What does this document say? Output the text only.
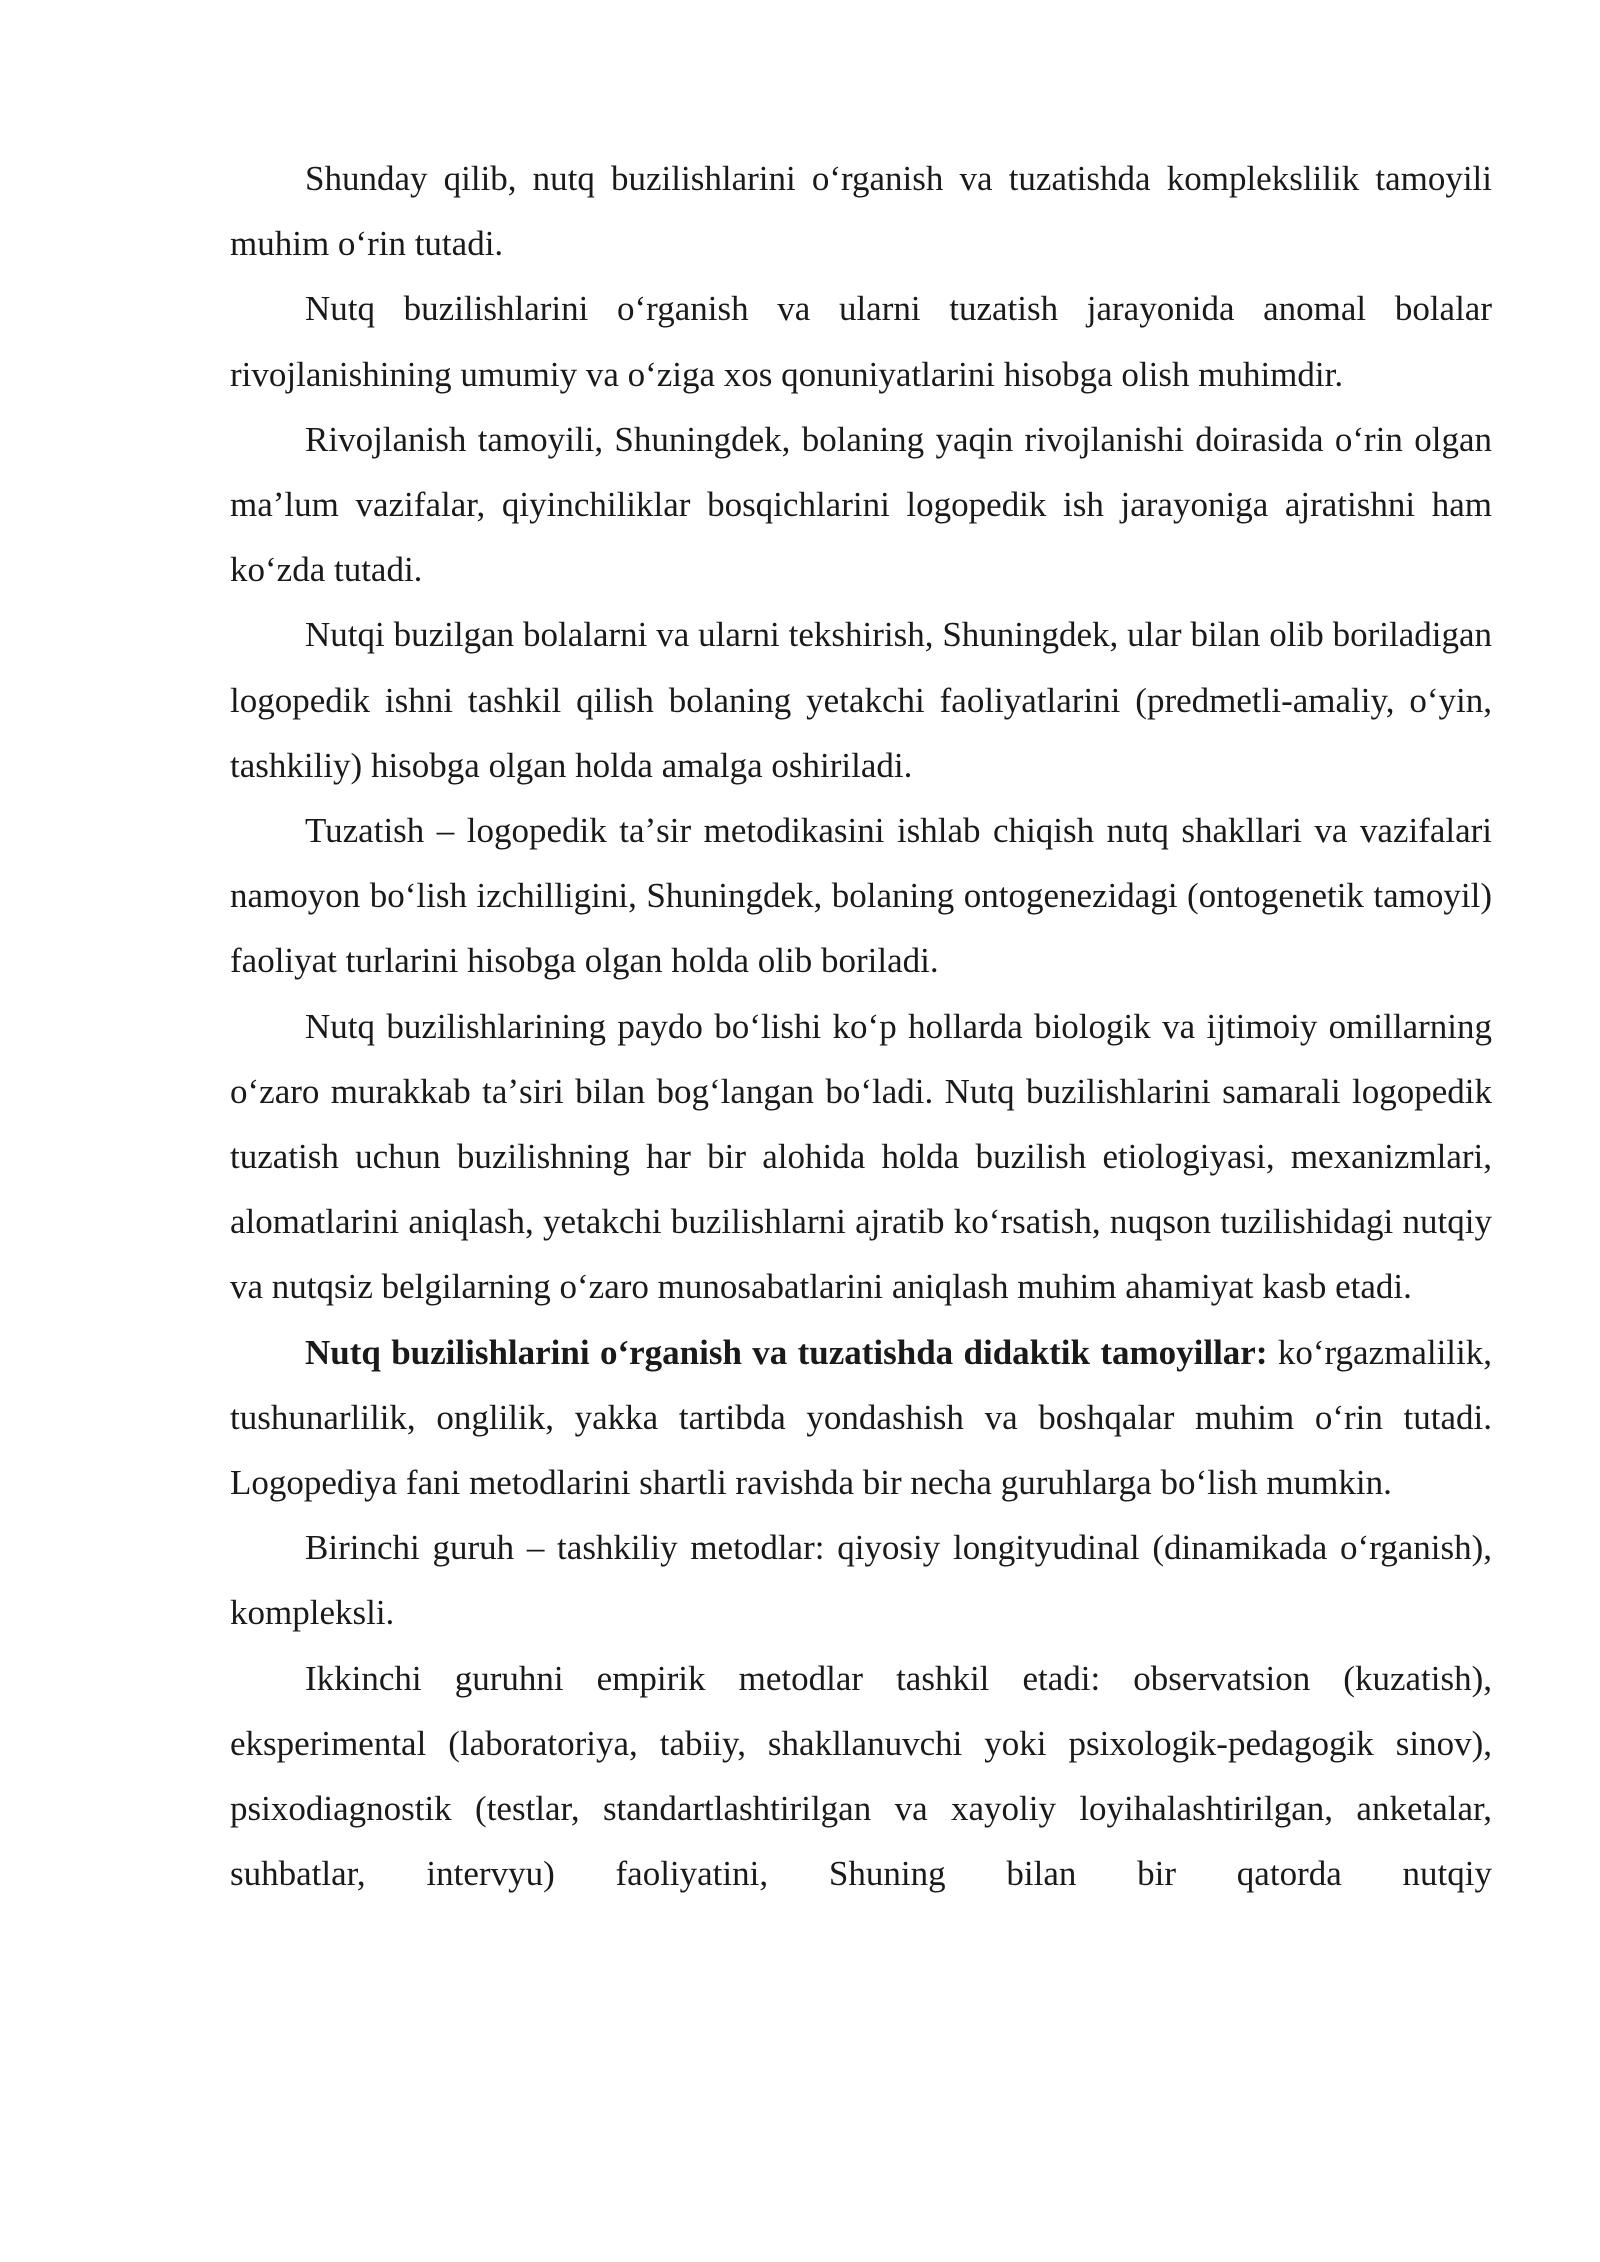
Shunday qilib, nutq buzilishlarini oʻrganish va tuzatishda komplekslilik tamoyili muhim oʻrin tutadi.

Nutq buzilishlarini oʻrganish va ularni tuzatish jarayonida anomal bolalar rivojlanishining umumiy va oʻziga xos qonuniyatlarini hisobga olish muhimdir.

Rivojlanish tamoyili, Shuningdek, bolaning yaqin rivojlanishi doirasida oʻrin olgan maʼlum vazifalar, qiyinchiliklar bosqichlarini logopedik ish jarayoniga ajratishni ham koʻzda tutadi.

Nutqi buzilgan bolalarni va ularni tekshirish, Shuningdek, ular bilan olib boriladigan logopedik ishni tashkil qilish bolaning yetakchi faoliyatlarini (predmetli-amaliy, oʻyin, tashkiliy) hisobga olgan holda amalga oshiriladi.

Tuzatish – logopedik taʼsir metodikasini ishlab chiqish nutq shakllari va vazifalari namoyon boʻlish izchilligini, Shuningdek, bolaning ontogenezidagi (ontogenetik tamoyil) faoliyat turlarini hisobga olgan holda olib boriladi.

Nutq buzilishlarining paydo boʻlishi koʻp hollarda biologik va ijtimoiy omillarning oʻzaro murakkab taʼsiri bilan bogʻlangan boʻladi. Nutq buzilishlarini samarali logopedik tuzatish uchun buzilishning har bir alohida holda buzilish etiologiyasi, mexanizmlari, alomatlarini aniqlash, yetakchi buzilishlarni ajratib koʻrsatish, nuqson tuzilishidagi nutqiy va nutqsiz belgilarning oʻzaro munosabatlarini aniqlash muhim ahamiyat kasb etadi.

Nutq buzilishlarini oʻrganish va tuzatishda didaktik tamoyillar: koʻrgazmalilik, tushunarlilik, onglilik, yakka tartibda yondashish va boshqalar muhim oʻrin tutadi. Logopediya fani metodlarini shartli ravishda bir necha guruhlarga boʻlish mumkin.

Birinchi guruh – tashkiliy metodlar: qiyosiy longityudinal (dinamikada oʻrganish), kompleksli.

Ikkinchi guruhni empirik metodlar tashkil etadi: observatsion (kuzatish), eksperimental (laboratoriya, tabiiy, shakllanuvchi yoki psixologik-pedagogik sinov), psixodiagnostik (testlar, standartlashtirilgan va xayoliy loyihalashtirilgan, anketalar, suhbatlar, intervyu) faoliyatini, Shuning bilan bir qatorda nutqiy
